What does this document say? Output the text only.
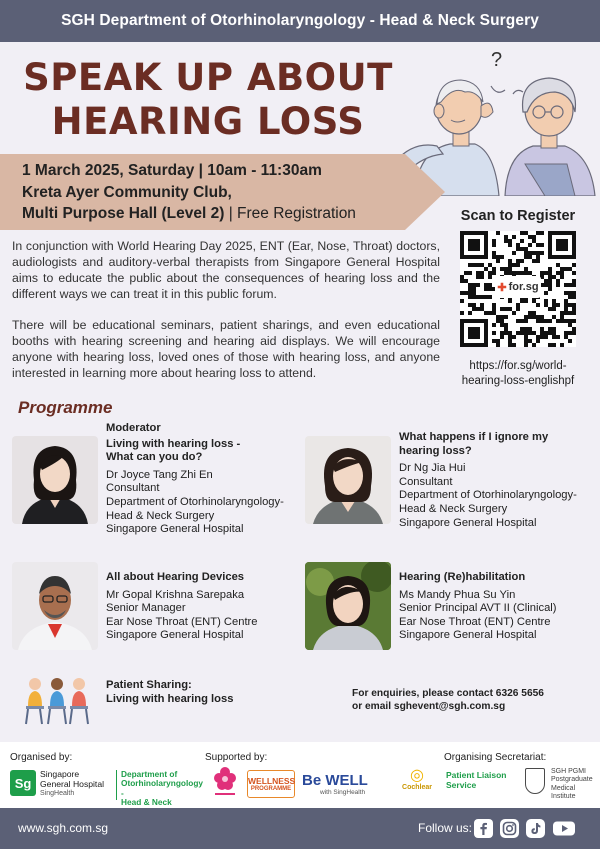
SGH Department of Otorhinolaryngology - Head & Neck Surgery
SPEAK UP ABOUT
HEARING LOSS
?
1 March 2025, Saturday | 10am - 11:30am
Kreta Ayer Community Club,
Multi Purpose Hall (Level 2) | Free Registration	Scan to Register
✚ for.sg
https://for.sg/world-
hearing-loss-englishpf

In conjunction with World Hearing Day 2025, ENT (Ear, Nose, Throat) doctors, audiologists and auditory-verbal therapists from Singapore General Hospital aims to educate the public about the consequences of hearing loss and the different ways we can treat it in this public forum.

There will be educational seminars, patient sharings, and even educational booths with hearing screening and hearing aid displays. We will encourage anyone with hearing loss, loved ones of those with hearing loss, and anyone interested in learning more about hearing loss to attend.

Programme
Moderator
Living with hearing loss -
What can you do?
Dr Joyce Tang Zhi En
Consultant
Department of Otorhinolaryngology-
Head & Neck Surgery
Singapore General Hospital
What happens if I ignore my
hearing loss?
Dr Ng Jia Hui
Consultant
Department of Otorhinolaryngology-
Head & Neck Surgery
Singapore General Hospital
All about Hearing Devices
Mr Gopal Krishna Sarepaka
Senior Manager
Ear Nose Throat (ENT) Centre
Singapore General Hospital
Hearing (Re)habilitation
Ms Mandy Phua Su Yin
Senior Principal AVT II (Clinical)
Ear Nose Throat (ENT) Centre
Singapore General Hospital
Patient Sharing:
Living with hearing loss	For enquiries, please contact 6326 5656
or email sghevent@sgh.com.sg
Organised by:	Supported by:	Organising Secretariat:
Sg
Singapore
General Hospital
SingHealth
Department of
Otorhinolaryngology -
Head & Neck
WELLNESS
PROGRAMME Be WELL
with SingHealth
◎
Cochlear
Patient Liaison
Service
SGH PGMI
Postgraduate
Medical Institute
www.sgh.com.sg	Follow us:
